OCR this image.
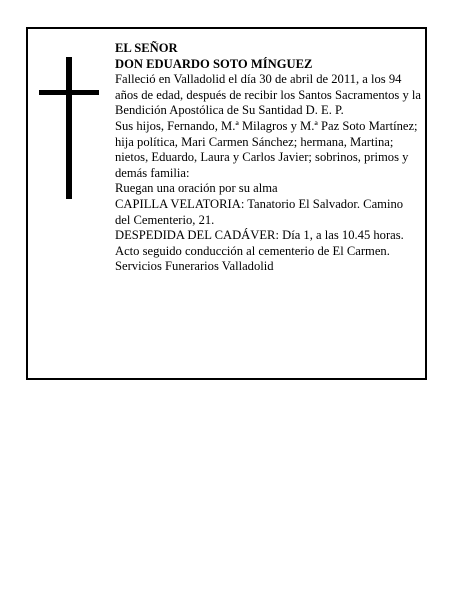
EL SEÑOR

DON EDUARDO SOTO MÍNGUEZ

Falleció en Valladolid el día 30 de abril de 2011, a los 94 años de edad, después de recibir los Santos Sacramentos y la Bendición Apostólica de Su Santidad D. E. P.

Sus hijos, Fernando, M.ª Milagros y M.ª Paz Soto Martínez; hija política, Mari Carmen Sánchez; hermana, Martina; nietos, Eduardo, Laura y Carlos Javier; sobrinos, primos y demás familia:

Ruegan una oración por su alma

CAPILLA VELATORIA: Tanatorio El Salvador. Camino del Cementerio, 21.

DESPEDIDA DEL CADÁVER: Día 1, a las 10.45 horas. Acto seguido conducción al cementerio de El Carmen.

Servicios Funerarios Valladolid
